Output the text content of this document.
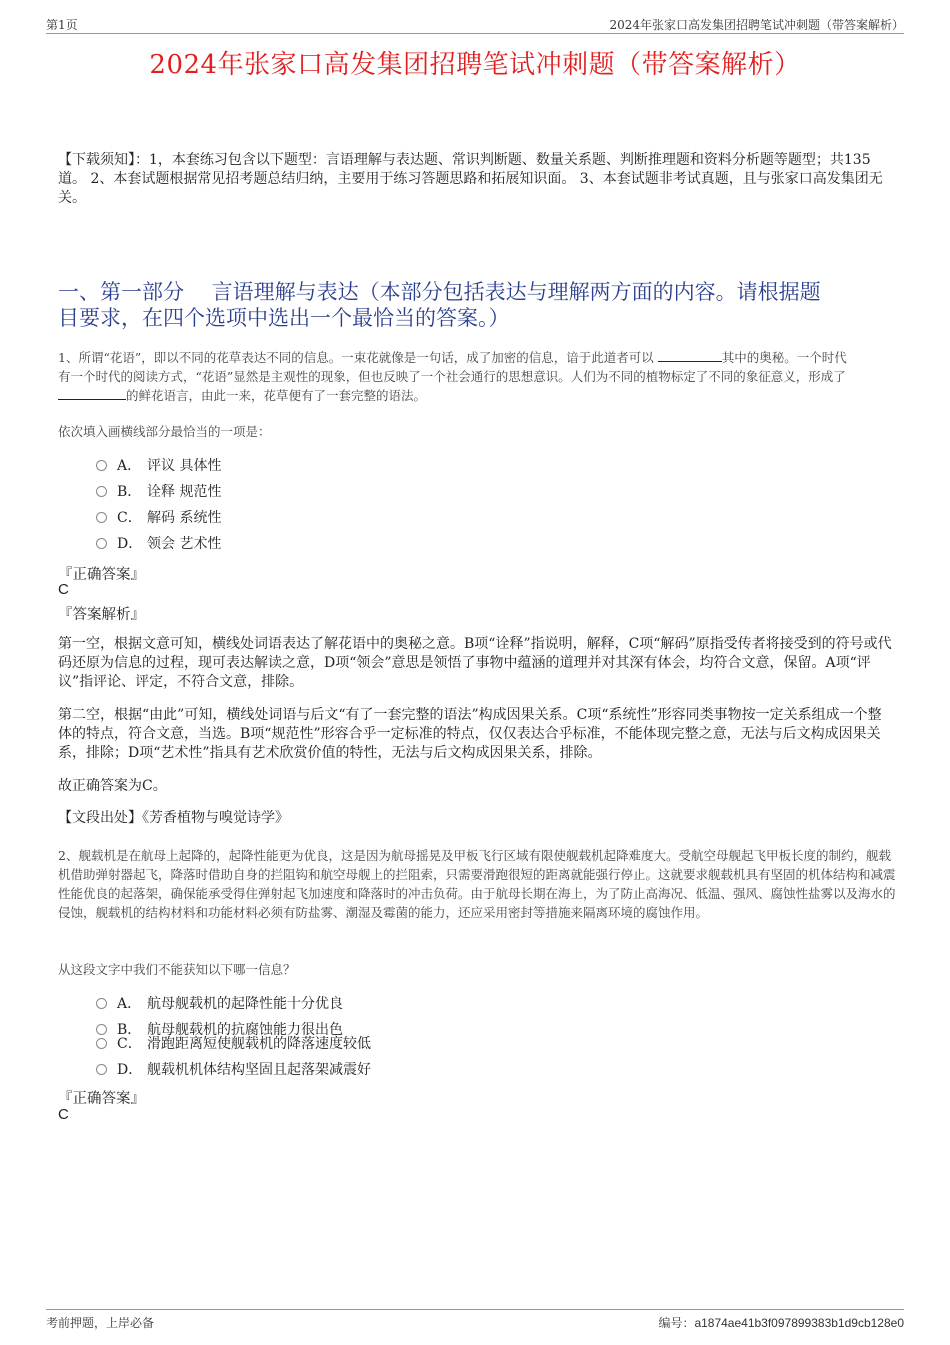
第1页	2024年张家口高发集团招聘笔试冲刺题（带答案解析）
2024年张家口高发集团招聘笔试冲刺题（带答案解析）
【下载须知】：1，本套练习包含以下题型：言语理解与表达题、常识判断题、数量关系题、判断推理题和资料分析题等题型；共135道。 2、本套试题根据常见招考题总结归纳，主要用于练习答题思路和拓展知识面。 3、本套试题非考试真题，且与张家口高发集团无关。
一、第一部分　 言语理解与表达（本部分包括表达与理解两方面的内容。请根据题
目要求，在四个选项中选出一个最恰当的答案。）
1、所谓“花语”，即以不同的花草表达不同的信息。一束花就像是一句话，成了加密的信息，谙于此道者可以	其中的奥秘。一个时代
有一个时代的阅读方式，“花语”显然是主观性的现象，但也反映了一个社会通行的思想意识。人们为不同的植物标定了不同的象征意义，形成了
的鲜花语言，由此一来，花草便有了一套完整的语法。
依次填入画横线部分最恰当的一项是：
A． 评议 具体性
B． 诠释 规范性
C． 解码 系统性
D． 领会 艺术性
『正确答案』
C
『答案解析』
第一空，根据文意可知，横线处词语表达了解花语中的奥秘之意。B项“诠释”指说明，解释，C项“解码”原指受传者将接受到的符号或代码还原为信息的过程，现可表达解读之意，D项“领会”意思是领悟了事物中蕴涵的道理并对其深有体会，均符合文意，保留。A项“评议”指评论、评定，不符合文意，排除。
第二空，根据“由此”可知，横线处词语与后文“有了一套完整的语法”构成因果关系。C项“系统性”形容同类事物按一定关系组成一个整体的特点，符合文意，当选。B项“规范性”形容合乎一定标准的特点，仅仅表达合乎标准，不能体现完整之意，无法与后文构成因果关系，排除；D项“艺术性”指具有艺术欣赏价值的特性，无法与后文构成因果关系，排除。
故正确答案为C。
【文段出处】《芳香植物与嗅觉诗学》
2、舰载机是在航母上起降的，起降性能更为优良，这是因为航母摇晃及甲板飞行区域有限使舰载机起降难度大。受航空母舰起飞甲板长度的制约，舰载机借助弹射器起飞，降落时借助自身的拦阻钩和航空母舰上的拦阻索，只需要滑跑很短的距离就能强行停止。这就要求舰载机具有坚固的机体结构和减震性能优良的起落架，确保能承受得住弹射起飞加速度和降落时的冲击负荷。由于航母长期在海上，为了防止高海况、低温、强风、腐蚀性盐雾以及海水的侵蚀，舰载机的结构材料和功能材料必须有防盐雾、潮湿及霉菌的能力，还应采用密封等措施来隔离环境的腐蚀作用。
从这段文字中我们不能获知以下哪一信息？
A． 航母舰载机的起降性能十分优良
B． 航母舰载机的抗腐蚀能力很出色
C． 滑跑距离短使舰载机的降落速度较低
D． 舰载机机体结构坚固且起落架减震好
『正确答案』
C
考前押题，上岸必备	编号：a1874ae41b3f097899383b1d9cb128e0
